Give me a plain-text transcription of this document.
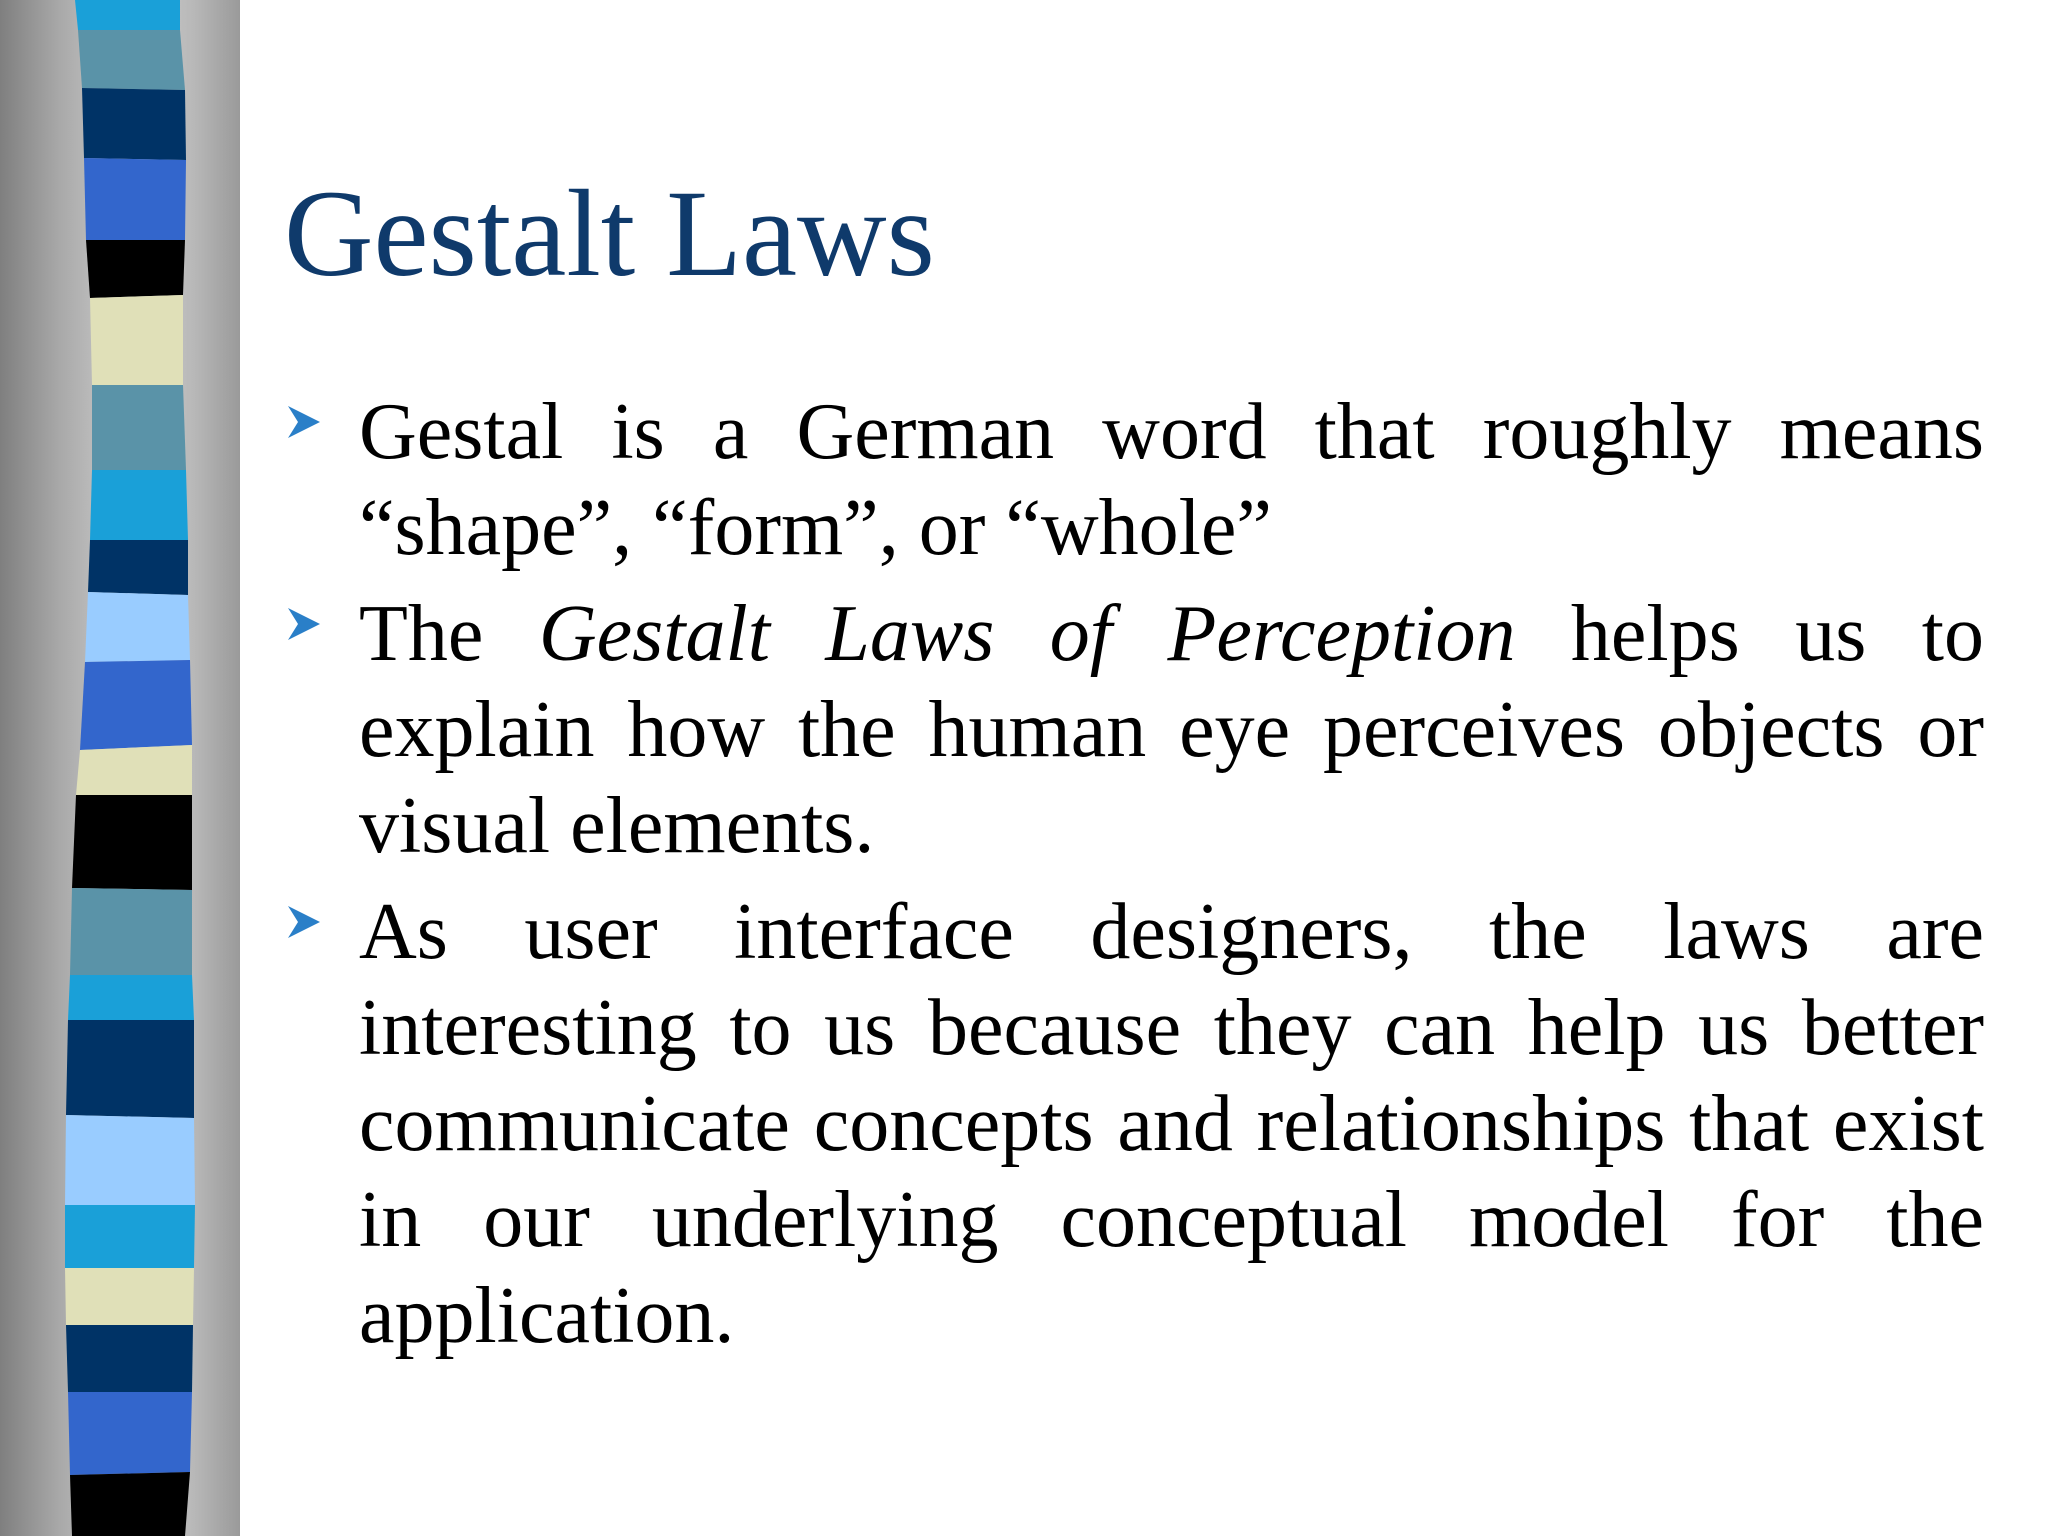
Gestalt Laws
Gestal is a German word that roughly means “shape”, “form”, or “whole”
The Gestalt Laws of Perception helps us to explain how the human eye perceives objects or visual elements.
As user interface designers, the laws are interesting to us because they can help us better communicate concepts and relationships that exist in our underlying conceptual model for the application.
